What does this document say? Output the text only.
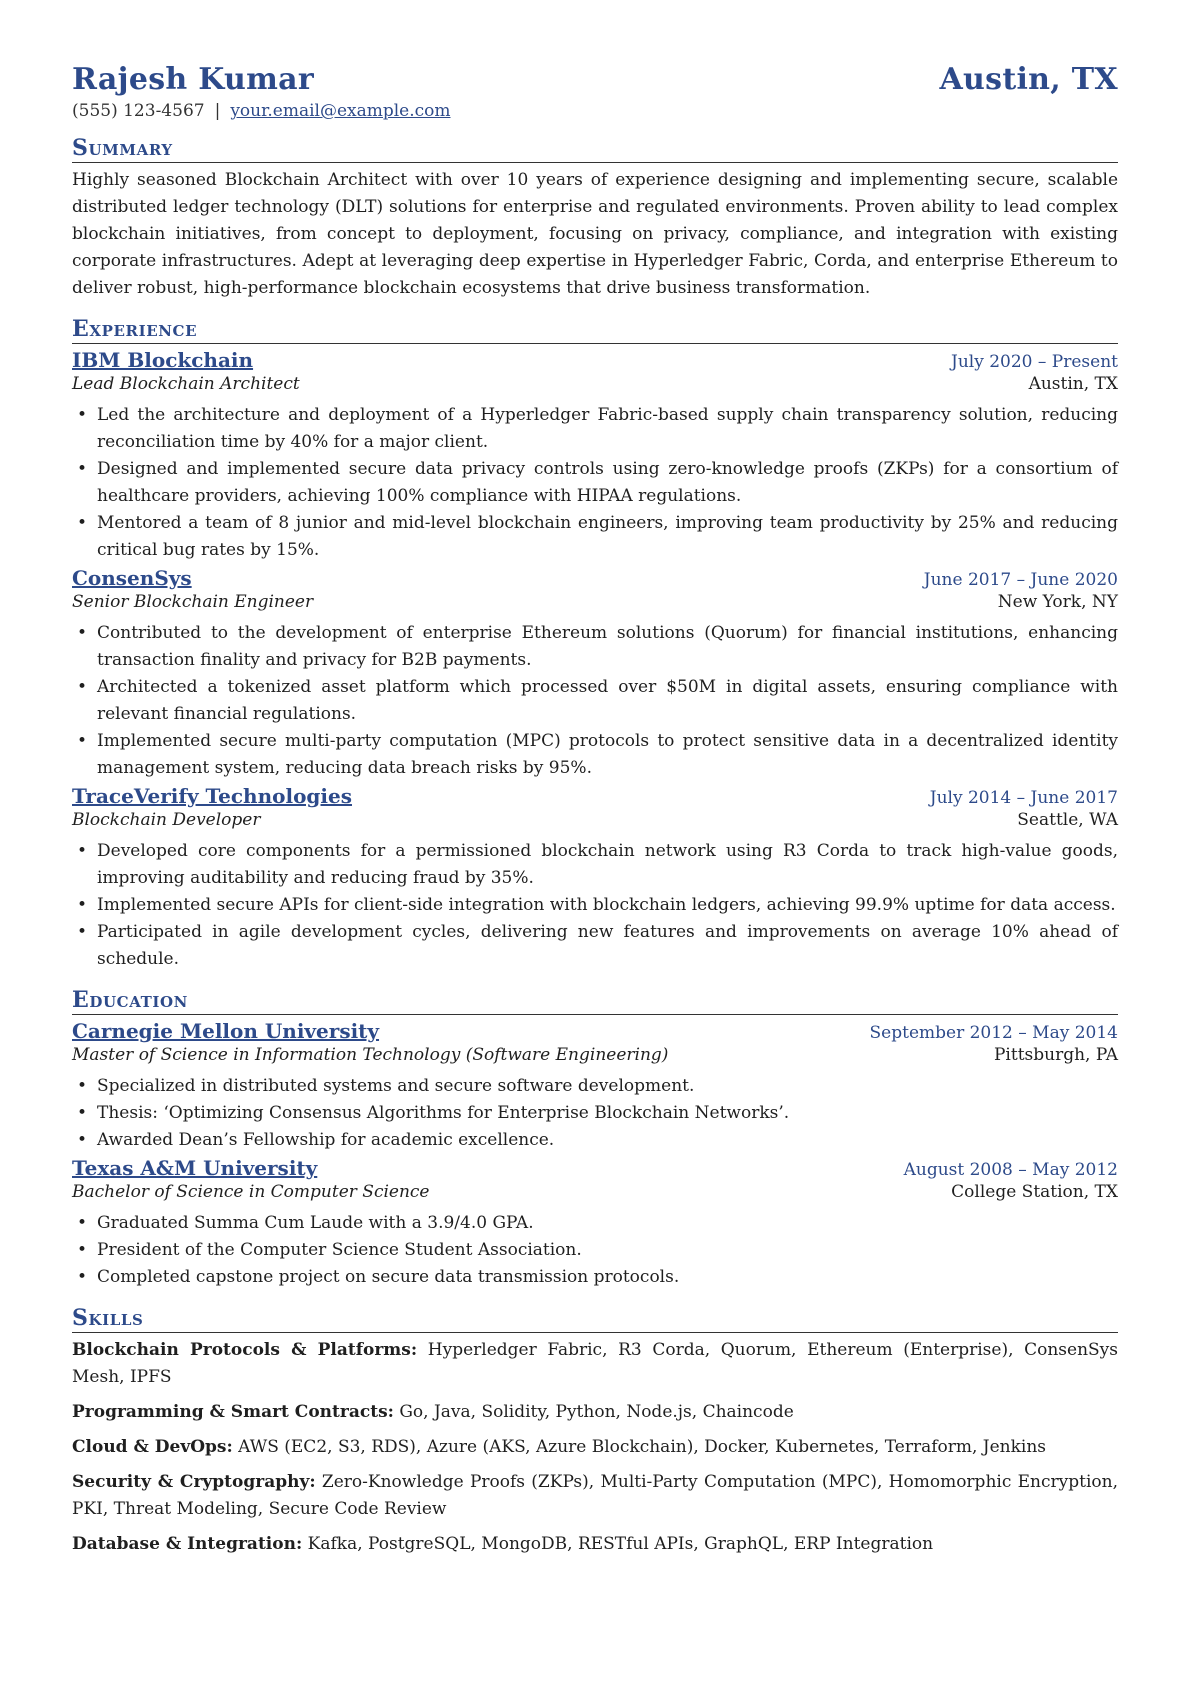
Rajesh Kumar	Austin, TX
(555) 123-4567 | your.email@example.com
Summary
Highly seasoned Blockchain Architect with over 10 years of experience designing and implementing secure, scalable distributed ledger technology (DLT) solutions for enterprise and regulated environments. Proven ability to lead complex blockchain initiatives, from concept to deployment, focusing on privacy, compliance, and integration with existing corporate infrastructures. Adept at leveraging deep expertise in Hyperledger Fabric, Corda, and enterprise Ethereum to deliver robust, high-performance blockchain ecosystems that drive business transformation.
Experience
IBM Blockchain	July 2020 – Present
Lead Blockchain Architect	Austin, TX
• Led the architecture and deployment of a Hyperledger Fabric-based supply chain transparency solution, reducing reconciliation time by 40% for a major client.
• Designed and implemented secure data privacy controls using zero-knowledge proofs (ZKPs) for a consortium of healthcare providers, achieving 100% compliance with HIPAA regulations.
• Mentored a team of 8 junior and mid-level blockchain engineers, improving team productivity by 25% and reducing critical bug rates by 15%.
ConsenSys	June 2017 – June 2020
Senior Blockchain Engineer	New York, NY
• Contributed to the development of enterprise Ethereum solutions (Quorum) for financial institutions, enhancing transaction finality and privacy for B2B payments.
• Architected a tokenized asset platform which processed over $50M in digital assets, ensuring compliance with relevant financial regulations.
• Implemented secure multi-party computation (MPC) protocols to protect sensitive data in a decentralized identity management system, reducing data breach risks by 95%.
TraceVerify Technologies	July 2014 – June 2017
Blockchain Developer	Seattle, WA
• Developed core components for a permissioned blockchain network using R3 Corda to track high-value goods, improving auditability and reducing fraud by 35%.
• Implemented secure APIs for client-side integration with blockchain ledgers, achieving 99.9% uptime for data access.
• Participated in agile development cycles, delivering new features and improvements on average 10% ahead of schedule.
Education
Carnegie Mellon University	September 2012 – May 2014
Master of Science in Information Technology (Software Engineering)	Pittsburgh, PA
• Specialized in distributed systems and secure software development.
• Thesis: ‘Optimizing Consensus Algorithms for Enterprise Blockchain Networks’.
• Awarded Dean’s Fellowship for academic excellence.
Texas A&M University	August 2008 – May 2012
Bachelor of Science in Computer Science	College Station, TX
• Graduated Summa Cum Laude with a 3.9/4.0 GPA.
• President of the Computer Science Student Association.
• Completed capstone project on secure data transmission protocols.
Skills
Blockchain Protocols & Platforms: Hyperledger Fabric, R3 Corda, Quorum, Ethereum (Enterprise), ConsenSys Mesh, IPFS
Programming & Smart Contracts: Go, Java, Solidity, Python, Node.js, Chaincode
Cloud & DevOps: AWS (EC2, S3, RDS), Azure (AKS, Azure Blockchain), Docker, Kubernetes, Terraform, Jenkins
Security & Cryptography: Zero-Knowledge Proofs (ZKPs), Multi-Party Computation (MPC), Homomorphic Encryption, PKI, Threat Modeling, Secure Code Review
Database & Integration: Kafka, PostgreSQL, MongoDB, RESTful APIs, GraphQL, ERP Integration
